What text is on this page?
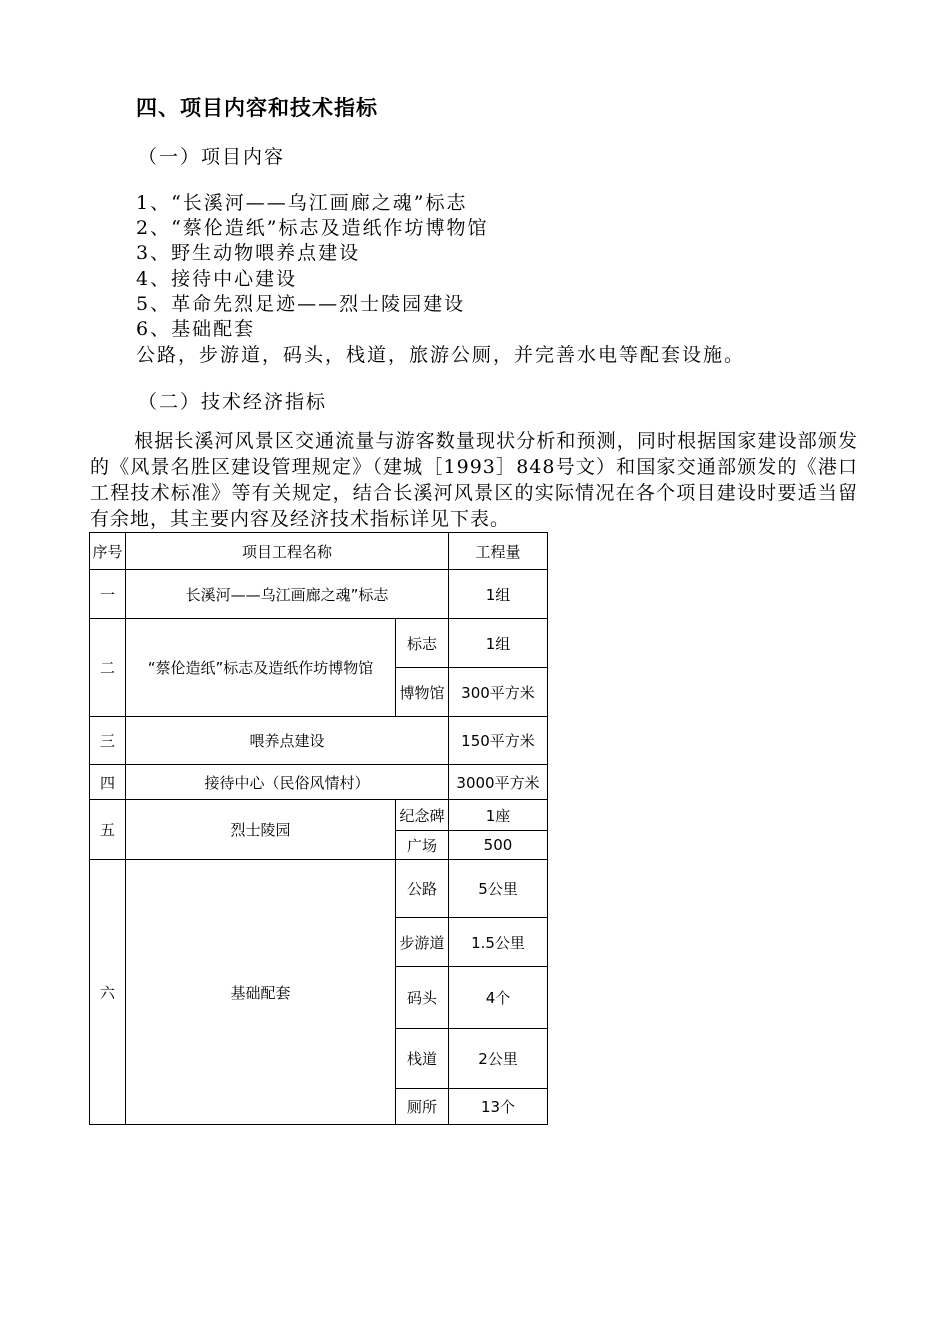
四、项目内容和技术指标
（一）项目内容
1、“长溪河——乌江画廊之魂”标志
2、“蔡伦造纸”标志及造纸作坊博物馆
3、野生动物喂养点建设
4、接待中心建设
5、革命先烈足迹——烈士陵园建设
6、基础配套
公路，步游道，码头，栈道，旅游公厕，并完善水电等配套设施。
（二）技术经济指标
根据长溪河风景区交通流量与游客数量现状分析和预测，同时根据国家建设部颁发的《风景名胜区建设管理规定》（建城［1993］848号文）和国家交通部颁发的《港口工程技术标准》等有关规定，结合长溪河风景区的实际情况在各个项目建设时要适当留有余地，其主要内容及经济技术指标详见下表。
序号	项目工程名称		工程量
一	长溪河——乌江画廊之魂”标志		1组
二	“蔡伦造纸”标志及造纸作坊博物馆	标志	1组
		博物馆	300平方米
三	喂养点建设		150平方米
四	接待中心（民俗风情村）		3000平方米
五	烈士陵园	纪念碑	1座
		广场	500
六	基础配套	公路	5公里
		步游道	1.5公里
		码头	4个
		栈道	2公里
		厕所	13个
